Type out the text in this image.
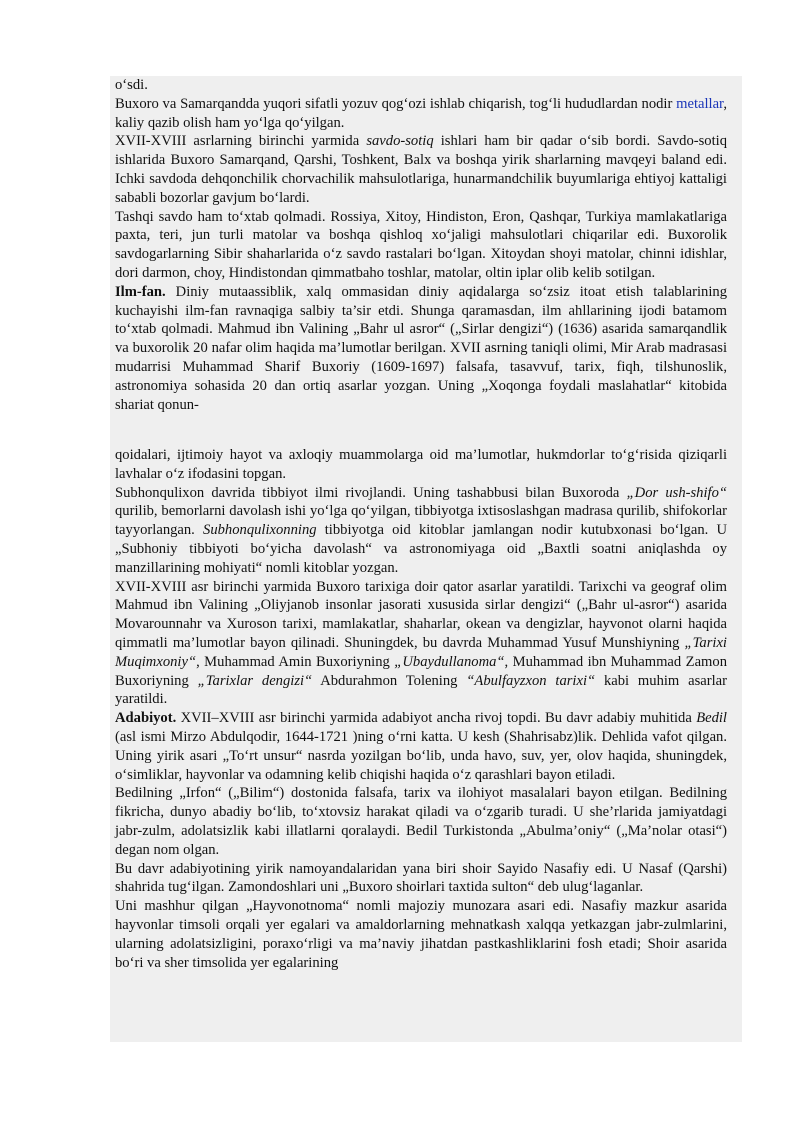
o‘sdi.

Buxoro va Samarqandda yuqori sifatli yozuv qog‘ozi ishlab chiqarish, tog‘li hududlardan nodir metallar, kaliy qazib olish ham yo‘lga qo‘yilgan.

XVII-XVIII asrlarning birinchi yarmida savdo-sotiq ishlari ham bir qadar o‘sib bordi. Savdo-sotiq ishlarida Buxoro Samarqand, Qarshi, Toshkent, Balx va boshqa yirik sharlarning mavqeyi baland edi. Ichki savdoda dehqonchilik chorvachilik mahsulotlariga, hunarmandchilik buyumlariga ehtiyoj kattaligi sababli bozorlar gavjum bo‘lardi.

Tashqi savdo ham to‘xtab qolmadi. Rossiya, Xitoy, Hindiston, Eron, Qashqar, Turkiya mamlakatlariga paxta, teri, jun turli matolar va boshqa qishloq xo‘jaligi mahsulotlari chiqarilar edi. Buxorolik savdogarlarning Sibir shaharlarida o‘z savdo rastalari bo‘lgan. Xitoydan shoyi matolar, chinni idishlar, dori darmon, choy, Hindistondan qimmatbaho toshlar, matolar, oltin iplar olib kelib sotilgan.

Ilm-fan. Diniy mutaassiblik, xalq ommasidan diniy aqidalarga so‘zsiz itoat etish talablarining kuchayishi ilm-fan ravnaqiga salbiy ta’sir etdi. Shunga qaramasdan, ilm ahllarining ijodi batamom to‘xtab qolmadi. Mahmud ibn Valining „Bahr ul asror“ („Sirlar dengizi“) (1636) asarida samarqandlik va buxorolik 20 nafar olim haqida ma’lumotlar berilgan. XVII asrning taniqli olimi, Mir Arab madrasasi mudarrisi Muhammad Sharif Buxoriy (1609-1697) falsafa, tasavvuf, tarix, fiqh, tilshunoslik, astronomiya sohasida 20 dan ortiq asarlar yozgan. Uning „Xoqonga foydali maslahatlar“ kitobida shariat qonun-

qoidalari, ijtimoiy hayot va axloqiy muammolarga oid ma’lumotlar, hukmdorlar to‘g‘risida qiziqarli lavhalar o‘z ifodasini topgan.

Subhonqulixon davrida tibbiyot ilmi rivojlandi. Uning tashabbusi bilan Buxoroda „Dor ush-shifo“ qurilib, bemorlarni davolash ishi yo‘lga qo‘yilgan, tibbiyotga ixtisoslashgan madrasa qurilib, shifokorlar tayyorlangan. Subhonqulixonning tibbiyotga oid kitoblar jamlangan nodir kutubxonasi bo‘lgan. U „Subhoniy tibbiyoti bo‘yicha davolash“ va astronomiyaga oid „Baxtli soatni aniqlashda oy manzillarining mohiyati“ nomli kitoblar yozgan.

XVII-XVIII asr birinchi yarmida Buxoro tarixiga doir qator asarlar yaratildi. Tarixchi va geograf olim Mahmud ibn Valining „Oliyjanob insonlar jasorati xususida sirlar dengizi“ („Bahr ul-asror“) asarida Movarounnahr va Xuroson tarixi, mamlakatlar, shaharlar, okean va dengizlar, hayvonot olarni haqida qimmatli ma’lumotlar bayon qilinadi. Shuningdek, bu davrda Muhammad Yusuf Munshiyning „Tarixi Muqimxoniy“, Muhammad Amin Buxoriyning „Ubaydullanoma“, Muhammad ibn Muhammad Zamon Buxoriyning „Tarixlar dengizi“ Abdurahmon Tolening “Abulfayzxon tarixi“ kabi muhim asarlar yaratildi.

Adabiyot. XVII–XVIII asr birinchi yarmida adabiyot ancha rivoj topdi. Bu davr adabiy muhitida Bedil (asl ismi Mirzo Abdulqodir, 1644-1721 )ning o‘rni katta. U kesh (Shahrisabz)lik. Dehlida vafot qilgan. Uning yirik asari „To‘rt unsur“ nasrda yozilgan bo‘lib, unda havo, suv, yer, olov haqida, shuningdek, o‘simliklar, hayvonlar va odamning kelib chiqishi haqida o‘z qarashlari bayon etiladi.

Bedilning „Irfon“ („Bilim“) dostonida falsafa, tarix va ilohiyot masalalari bayon etilgan. Bedilning fikricha, dunyo abadiy bo‘lib, to‘xtovsiz harakat qiladi va o‘zgarib turadi. U she’rlarida jamiyatdagi jabr-zulm, adolatsizlik kabi illatlarni qoralaydi. Bedil Turkistonda „Abulma’oniy“ („Ma’nolar otasi“) degan nom olgan.

Bu davr adabiyotining yirik namoyandalaridan yana biri shoir Sayido Nasafiy edi. U Nasaf (Qarshi) shahrida tug‘ilgan. Zamondoshlari uni „Buxoro shoirlari taxtida sulton“ deb ulug‘laganlar.

Uni mashhur qilgan „Hayvonotnoma“ nomli majoziy munozara asari edi. Nasafiy mazkur asarida hayvonlar timsoli orqali yer egalari va amaldorlarning mehnatkash xalqqa yetkazgan jabr-zulmlarini, ularning adolatsizligini, poraxo‘rligi va ma’naviy jihatdan pastkashliklarini fosh etadi; Shoir asarida bo‘ri va sher timsolida yer egalarining
